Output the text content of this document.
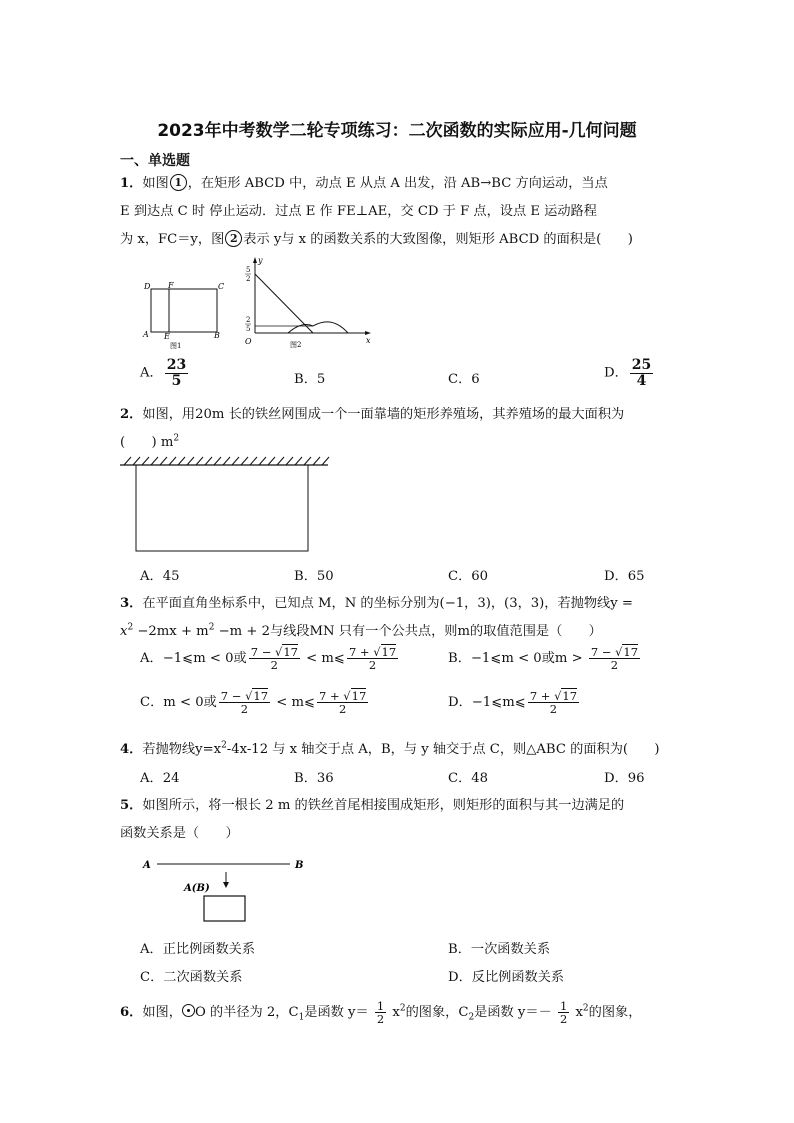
2023年中考数学二轮专项练习：二次函数的实际应用-几何问题
一、单选题
1．如图 1 ，在矩形 ABCD 中，动点 E 从点 A 出发，沿 AB→BC 方向运动，当点
E 到达点 C 时 停止运动．过点 E 作 FE⊥AE，交 CD 于 F 点，设点 E 运动路程
为 x，FC＝y，图 2 表示 y与 x 的函数关系的大致图像，则矩形 ABCD 的面积是(　　)
D F	C
A E	B
图1
y
x
O
5
2
2
5
图2
A． $\frac{23}{5}$	B．5	C．6	D． $\frac{25}{4}$
2．如图，用20m 长的铁丝网围成一个一面靠墙的矩形养殖场，其养殖场的最大面积为
(　　) $m^2$
A．45	B．50	C．60	D．65
3．在平面直角坐标系中，已知点 M，N 的坐标分别为(−1，3)，(3，3)，若抛物线y =
$x^2 -2mx + m^2 -m + 2$与线段MN 只有一个公共点，则m的取值范围是（　　）
A．−1⩽m < 0或 $\frac{7 - √17}{2}$ < m⩽ $\frac{7 + √17}{2}$	B．−1⩽m < 0或$m > \frac{7 - √17}{2}$
C．m < 0或 $\frac{7 - √17}{2}$ < m⩽ $\frac{7 + √17}{2}$	D．−1⩽m⩽ $\frac{7 + √17}{2}$
4．若抛物线$y=x^2-4x-12$ 与 x 轴交于点 A，B，与 y 轴交于点 C，则△ABC 的面积为(　　)
A．24	B．36	C．48	D．96
5．如图所示，将一根长 2 m 的铁丝首尾相接围成矩形，则矩形的面积与其一边满足的
函数关系是（　　）
A	B
A(B)
A．正比例函数关系	B．一次函数关系
C．二次函数关系	D．反比例函数关系
6．如图， O 的半径为 2，$C_1$是函数 $y= \frac{1}{2} x^2$的图象，$C_2$是函数 $y=- \frac{1}{2} x^2$的图象，
